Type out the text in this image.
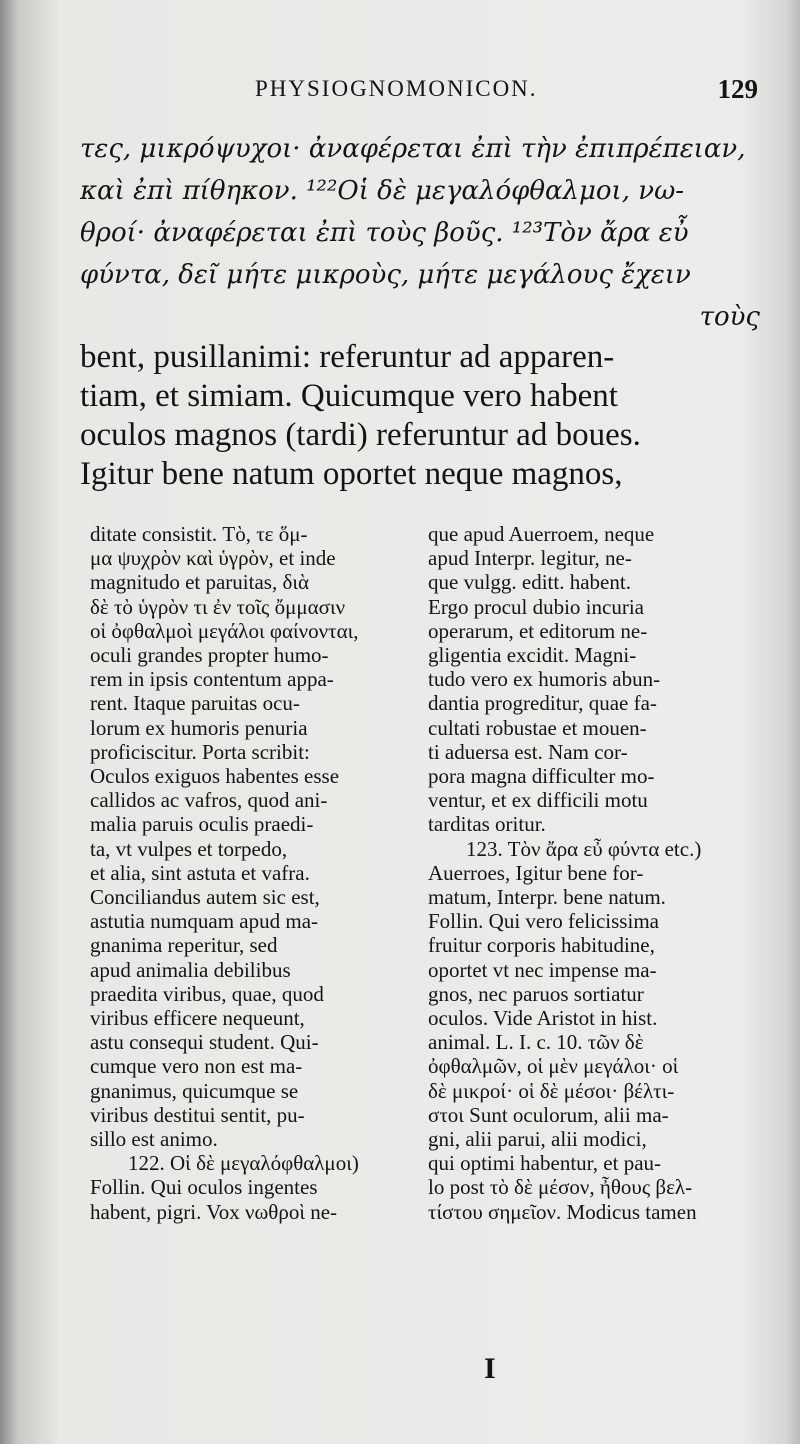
PHYSIOGNOMONICON.	129
τες, μικρόψυχοι· ἀναφέρεται ἐπὶ τὴν ἐπιπρέπειαν,
καὶ ἐπὶ πίθηκον. ¹²²Οἱ δὲ μεγαλόφθαλμοι, νω-
θροί· ἀναφέρεται ἐπὶ τοὺς βοῦς. ¹²³Τὸν ἄρα εὖ
φύντα, δεῖ μήτε μικροὺς, μήτε μεγάλους ἔχειν
τοὺς
bent, pusillanimi: referuntur ad apparen-
tiam, et simiam. Quicumque vero habent
oculos magnos (tardi) referuntur ad boues.
Igitur bene natum oportet neque magnos,
ditate consistit. Τὸ, τε ὅμ-
μα ψυχρὸν καὶ ὑγρὸν, et inde
magnitudo et paruitas, διὰ
δὲ τὸ ὑγρὸν τι ἐν τοῖς ὄμμασιν
οἱ ὀφθαλμοὶ μεγάλοι φαίνονται,
oculi grandes propter humo-
rem in ipsis contentum appa-
rent. Itaque paruitas ocu-
lorum ex humoris penuria
proficiscitur. Porta scribit:
Oculos exiguos habentes esse
callidos ac vafros, quod ani-
malia paruis oculis praedi-
ta, vt vulpes et torpedo,
et alia, sint astuta et vafra.
Conciliandus autem sic est,
astutia numquam apud ma-
gnanima reperitur, sed
apud animalia debilibus
praedita viribus, quae, quod
viribus efficere nequeunt,
astu consequi student. Qui-
cumque vero non est ma-
gnanimus, quicumque se
viribus destitui sentit, pu-
sillo est animo.
122. Οἱ δὲ μεγαλόφθαλμοι)
Follin. Qui oculos ingentes
habent, pigri. Vox νωθροὶ ne-
que apud Auerroem, neque
apud Interpr. legitur, ne-
que vulgg. editt. habent.
Ergo procul dubio incuria
operarum, et editorum ne-
gligentia excidit. Magni-
tudo vero ex humoris abun-
dantia progreditur, quae fa-
cultati robustae et mouen-
ti aduersa est. Nam cor-
pora magna difficulter mo-
ventur, et ex difficili motu
tarditas oritur.
123. Τὸν ἄρα εὖ φύντα etc.)
Auerroes, Igitur bene for-
matum, Interpr. bene natum.
Follin. Qui vero felicissima
fruitur corporis habitudine,
oportet vt nec impense ma-
gnos, nec paruos sortiatur
oculos. Vide Aristot in hist.
animal. L. I. c. 10. τῶν δὲ
ὀφθαλμῶν, οἱ μὲν μεγάλοι· οἱ
δὲ μικροί· οἱ δὲ μέσοι· βέλτι-
στοι Sunt oculorum, alii ma-
gni, alii parui, alii modici,
qui optimi habentur, et pau-
lo post τὸ δὲ μέσον, ἦθους βελ-
τίστου σημεῖον. Modicus tamen
I
